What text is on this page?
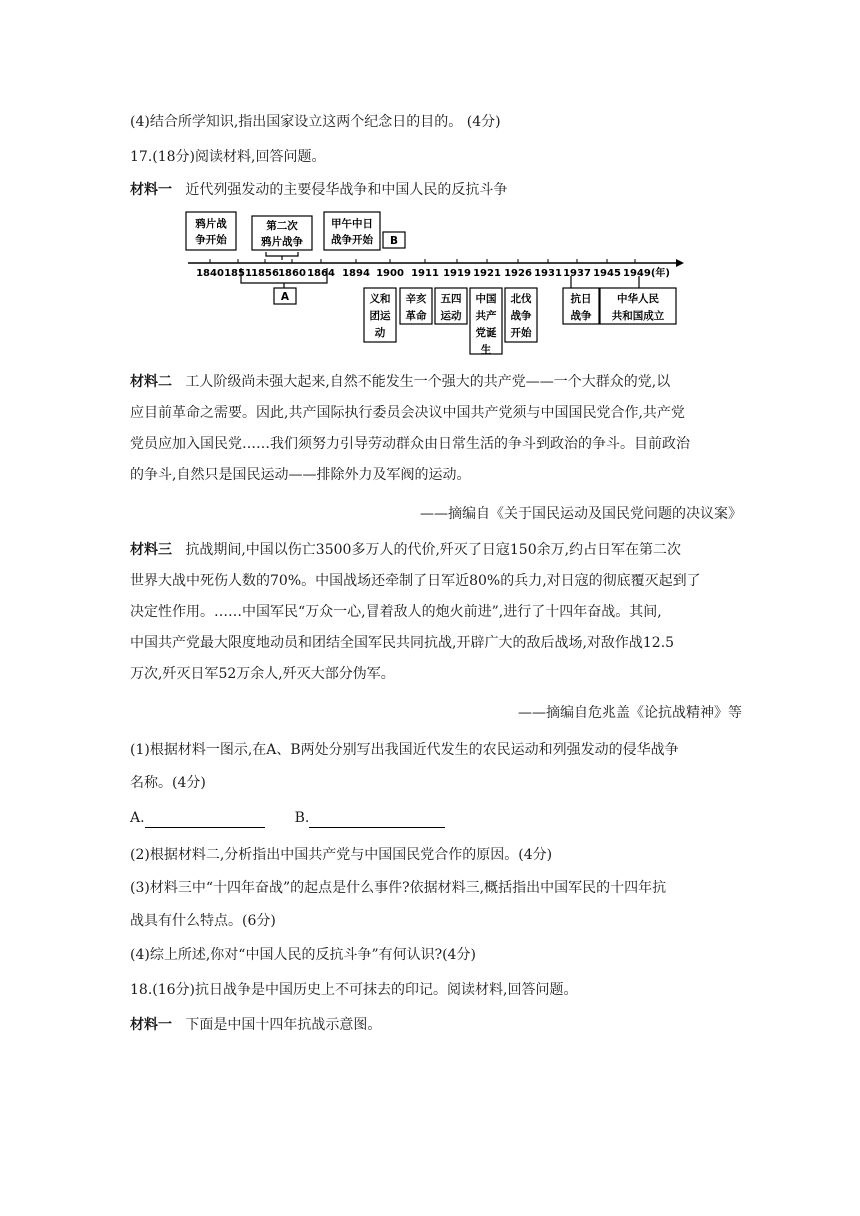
(4)结合所学知识,指出国家设立这两个纪念日的目的。 (4分)
17.(18分)阅读材料,回答问题。
材料一 近代列强发动的主要侵华战争和中国人民的反抗斗争
1840 1851 1856 1860 1864 1894 1900 1911 1919 1921 1926 1931 1937 1945 1949(年)
鸦片战
争开始
第二次
鸦片战争
甲午中日
战争开始 B
A	义和
团运
动
辛亥
革命
五四
运动
中国
共产
党诞
生
北伐
战争
开始
抗日
战争
中华人民
共和国成立
材料二 工人阶级尚未强大起来,自然不能发生一个强大的共产党——一个大群众的党,以
应目前革命之需要。因此,共产国际执行委员会决议中国共产党须与中国国民党合作,共产党
党员应加入国民党……我们须努力引导劳动群众由日常生活的争斗到政治的争斗。目前政治
的争斗,自然只是国民运动——排除外力及军阀的运动。
——摘编自《关于国民运动及国民党问题的决议案》
材料三 抗战期间,中国以伤亡3500多万人的代价,歼灭了日寇150余万,约占日军在第二次
世界大战中死伤人数的70%。中国战场还牵制了日军近80%的兵力,对日寇的彻底覆灭起到了
决定性作用。……中国军民“万众一心,冒着敌人的炮火前进”,进行了十四年奋战。其间,
中国共产党最大限度地动员和团结全国军民共同抗战,开辟广大的敌后战场,对敌作战12.5
万次,歼灭日军52万余人,歼灭大部分伪军。
——摘编自危兆盖《论抗战精神》等
(1)根据材料一图示,在A、B两处分别写出我国近代发生的农民运动和列强发动的侵华战争
名称。(4分)
A.	B.
(2)根据材料二,分析指出中国共产党与中国国民党合作的原因。(4分)
(3)材料三中“十四年奋战”的起点是什么事件?依据材料三,概括指出中国军民的十四年抗
战具有什么特点。(6分)
(4)综上所述,你对“中国人民的反抗斗争”有何认识?(4分)
18.(16分)抗日战争是中国历史上不可抹去的印记。阅读材料,回答问题。
材料一 下面是中国十四年抗战示意图。
